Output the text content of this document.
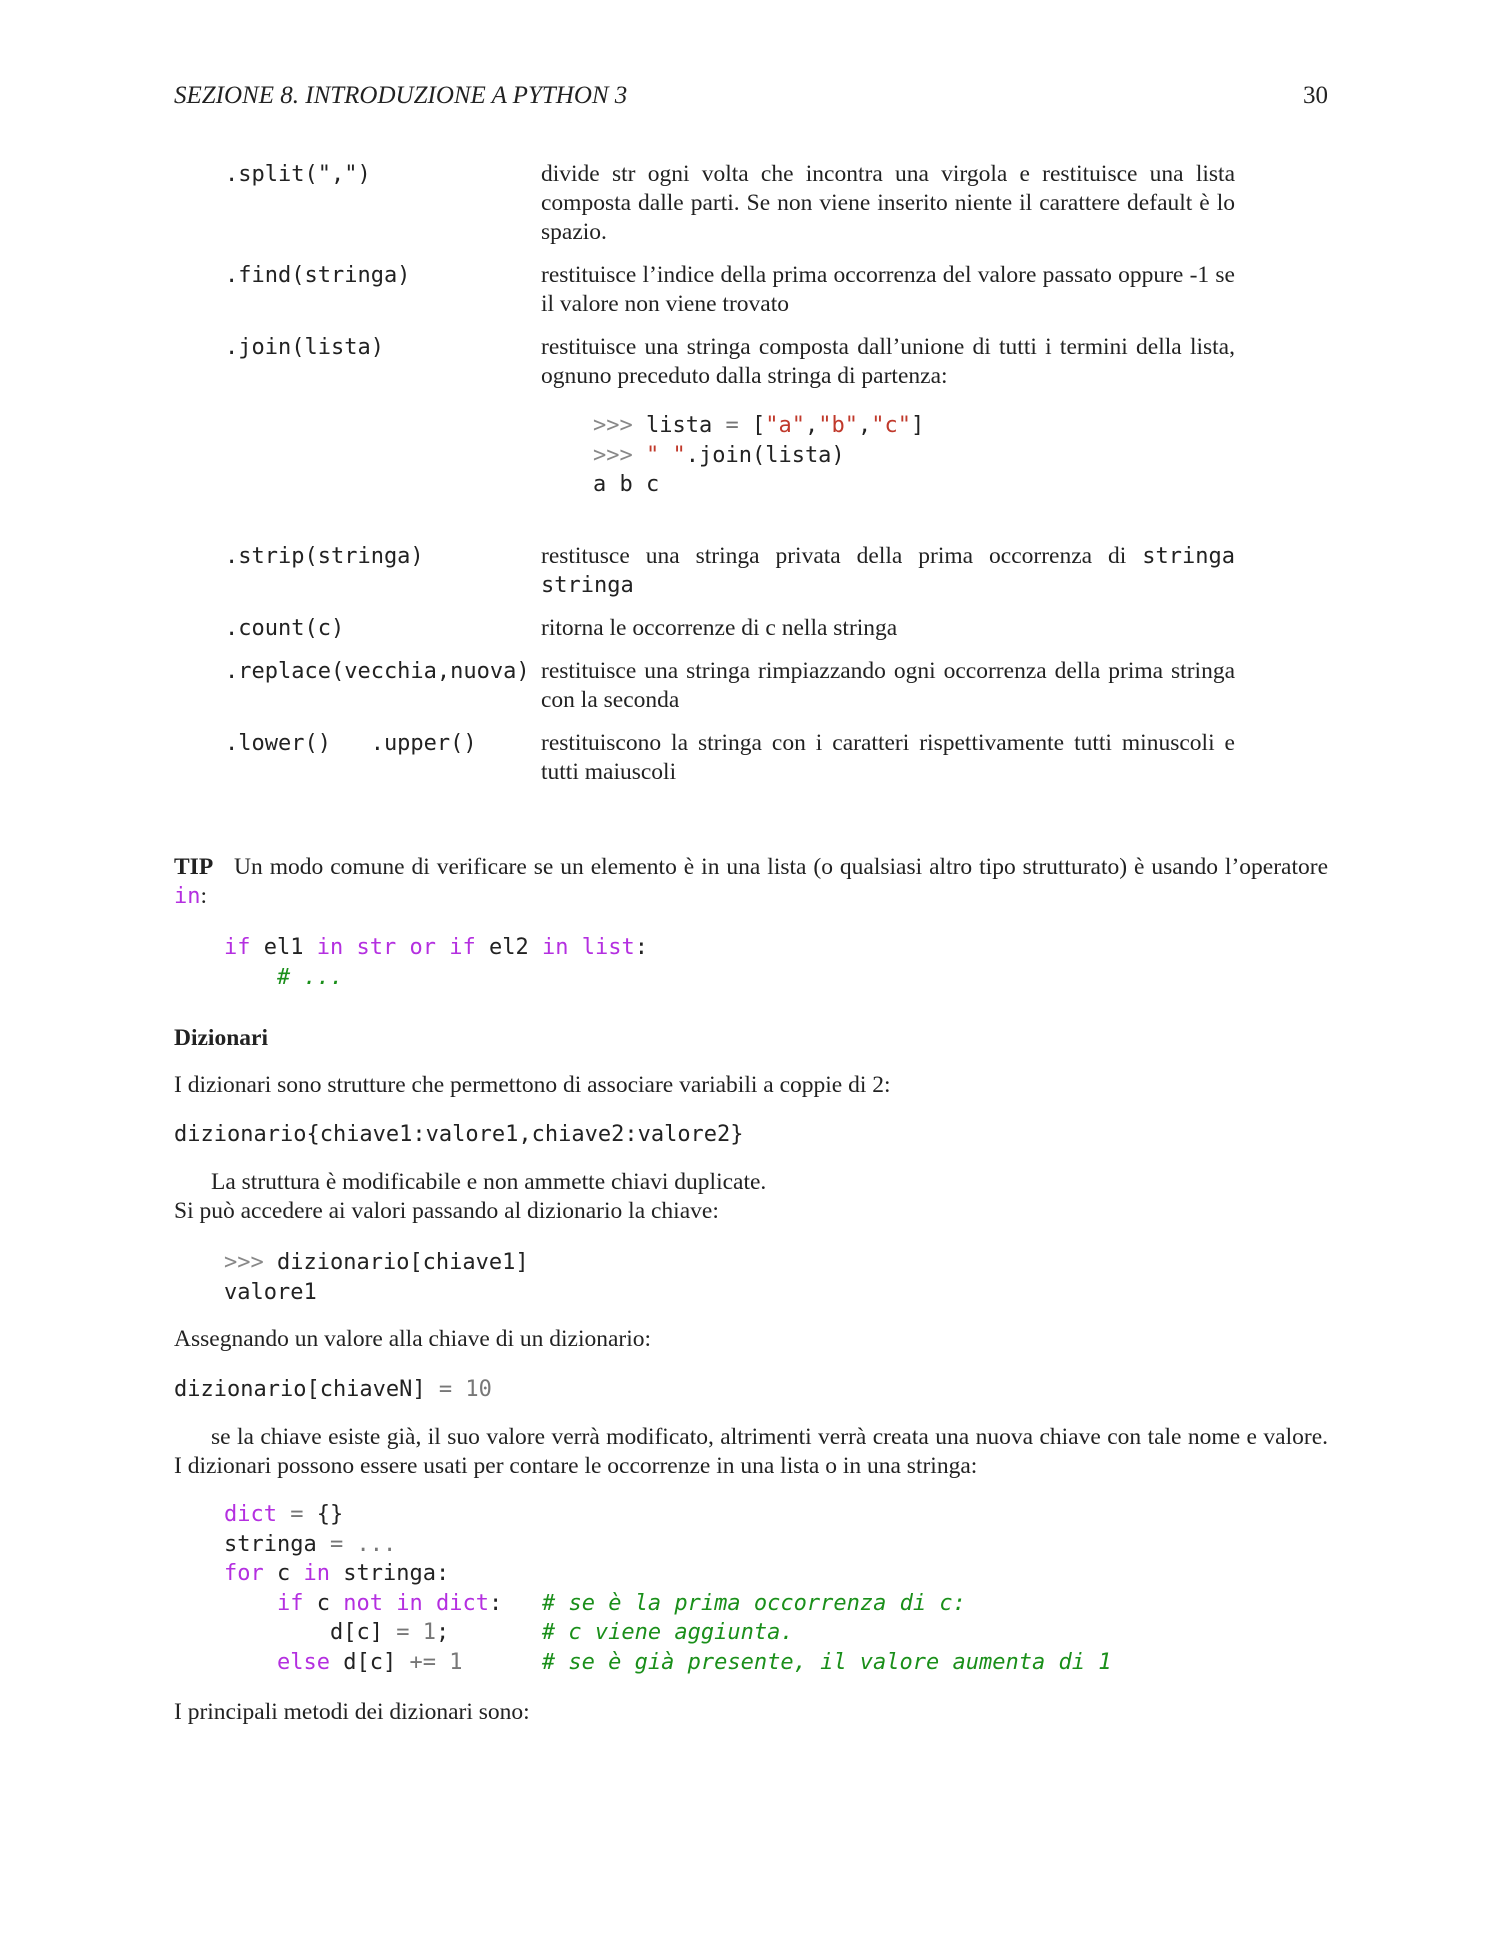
SEZIONE 8. INTRODUZIONE A PYTHON 3	30
.split(",")	divide str ogni volta che incontra una virgola e restituisce una lista composta dalle parti. Se non viene inserito niente il carattere default è lo spazio.
.find(stringa)	restituisce l’indice della prima occorrenza del valore passato oppure -1 se il valore non viene trovato
.join(lista)	restituisce una stringa composta dall’unione di tutti i termini della lista, ognuno preceduto dalla stringa di partenza:
>>> lista = ["a","b","c"]
>>> " ".join(lista)
a b c
.strip(stringa)	restitusce una stringa privata della prima occorrenza di stringa stringa
.count(c)	ritorna le occorrenze di c nella stringa
.replace(vecchia,nuova) restituisce una stringa rimpiazzando ogni occorrenza della prima stringa con la seconda
.lower()   .upper()	restituiscono la stringa con i caratteri rispettivamente tutti minuscoli e tutti maiuscoli
TIP Un modo comune di verificare se un elemento è in una lista (o qualsiasi altro tipo strutturato) è usando l’operatore in:
if el1 in str or if el2 in list:
# ...
Dizionari
I dizionari sono strutture che permettono di associare variabili a coppie di 2:
dizionario{chiave1:valore1,chiave2:valore2}
La struttura è modificabile e non ammette chiavi duplicate.
Si può accedere ai valori passando al dizionario la chiave:
>>> dizionario[chiave1]
valore1
Assegnando un valore alla chiave di un dizionario:
dizionario[chiaveN] = 10
se la chiave esiste già, il suo valore verrà modificato, altrimenti verrà creata una nuova chiave con tale nome e valore. I dizionari possono essere usati per contare le occorrenze in una lista o in una stringa:
dict = {}
stringa = ...
for c in stringa:
if c not in dict: # se è la prima occorrenza di c:
d[c] = 1;	# c viene aggiunta.
else d[c] += 1	# se è già presente, il valore aumenta di 1
I principali metodi dei dizionari sono:
